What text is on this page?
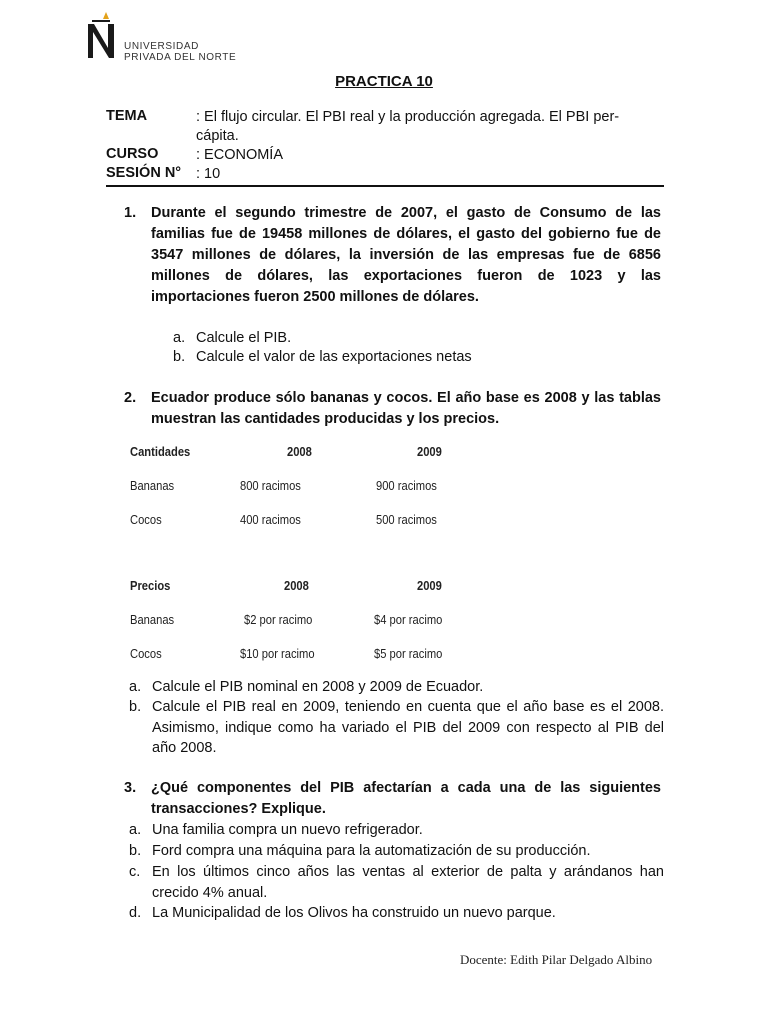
UNIVERSIDAD
PRIVADA DEL NORTE
PRACTICA 10
TEMA	: El flujo circular. El PBI real y la producción agregada. El PBI per-cápita.
CURSO	: ECONOMÍA
SESIÓN N° : 10
1. Durante el segundo trimestre de 2007, el gasto de Consumo de las familias fue de 19458 millones de dólares, el gasto del gobierno fue de 3547 millones de dólares, la inversión de las empresas fue de 6856 millones de dólares, las exportaciones fueron de 1023 y las importaciones fueron 2500 millones de dólares.
a. Calcule el PIB.
b. Calcule el valor de las exportaciones netas
2. Ecuador produce sólo bananas y cocos. El año base es 2008 y las tablas muestran las cantidades producidas y los precios.
Cantidades	2008	2009
Bananas	800 racimos	900 racimos
Cocos	400 racimos	500 racimos
Precios	2008	2009
Bananas	$2 por racimo	$4 por racimo
Cocos	$10 por racimo	$5 por racimo
a. Calcule el PIB nominal en 2008 y 2009 de Ecuador.
b. Calcule el PIB real en 2009, teniendo en cuenta que el año base es el 2008. Asimismo, indique como ha variado el PIB del 2009 con respecto al PIB del año 2008.
3. ¿Qué componentes del PIB afectarían a cada una de las siguientes transacciones? Explique.
a. Una familia compra un nuevo refrigerador.
b. Ford compra una máquina para la automatización de su producción.
c. En los últimos cinco años las ventas al exterior de palta y arándanos han crecido 4% anual.
d. La Municipalidad de los Olivos ha construido un nuevo parque.
Docente: Edith Pilar Delgado Albino
